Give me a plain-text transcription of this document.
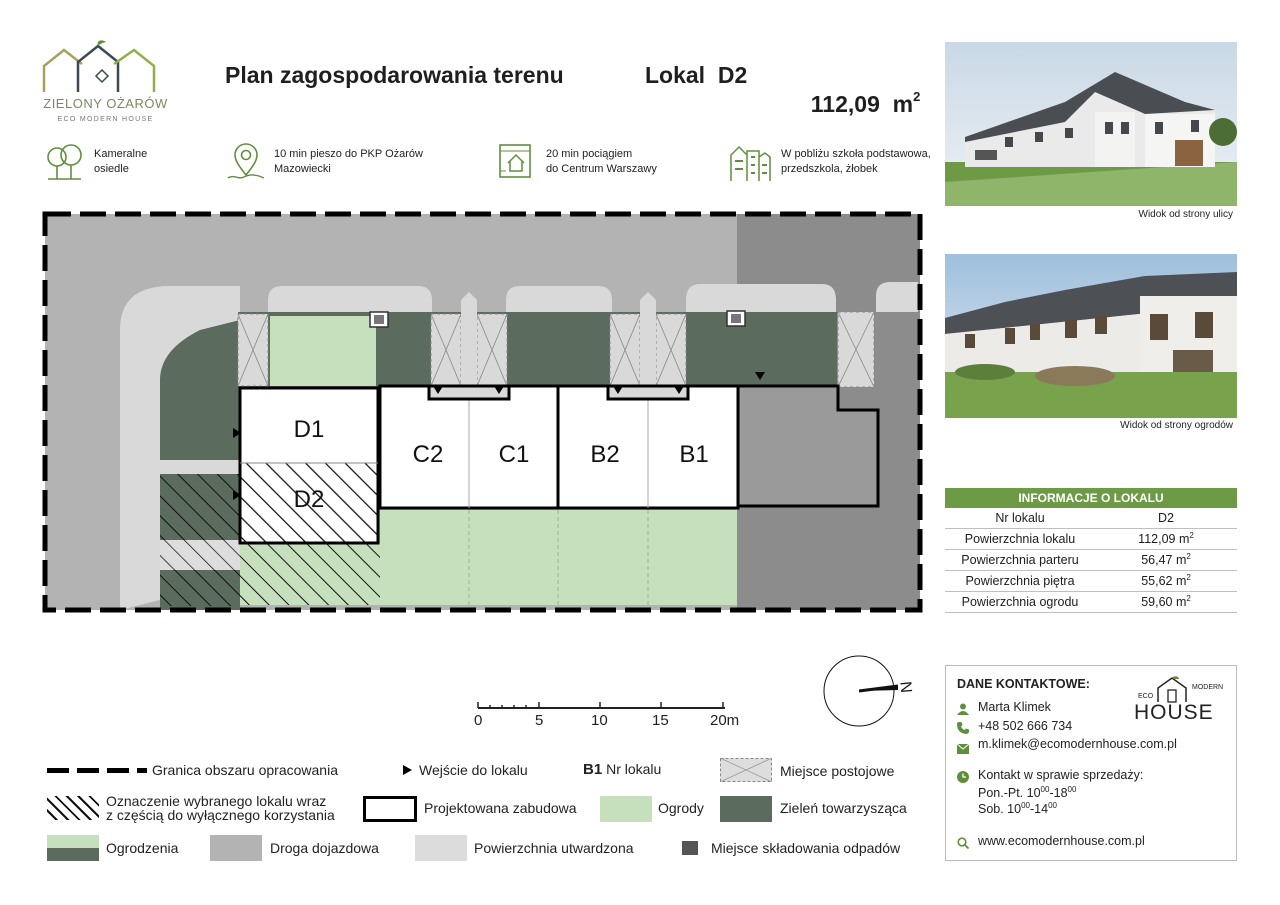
ZIELONY OŻARÓW
ECO MODERN HOUSE
Plan zagospodarowania terenu	Lokal  D2

112,09  $m^2$

Kameralne
osiedle
10 min pieszo do PKP Ożarów
Mazowiecki
20 min pociągiem
do Centrum Warszawy
W pobliżu szkoła podstawowa,
przedszkola, żłobek
Widok od strony ulicy
Widok od strony ogrodów
D1
D2
C2 C1	B2 B1
0	5	10	15	20m
N
INFORMACJE O LOKALU	
Nr lokalu	D2
Powierzchnia lokalu	112,09 $m^2$
Powierzchnia parteru	56,47 $m^2$
Powierzchnia piętra	55,62 $m^2$
Powierzchnia ogrodu	59,60 $m^2$
DANE KONTAKTOWE:
ECO
MODERN
HOUSE
Marta Klimek
+48 502 666 734
m.klimek@ecomodernhouse.com.pl
Kontakt w sprawie sprzedaży:
Pon.-Pt. $10^{00}-18^{00}$
Sob. $10^{00}-14^{00}$
www.ecomodernhouse.com.pl
Granica obszaru opracowania	Wejście do lokalu	B1 Nr lokalu	Miejsce postojowe
Oznaczenie wybranego lokalu wraz
z częścią do wyłącznego korzystania	Projektowana zabudowa	Ogrody	Zieleń towarzysząca
Ogrodzenia	Droga dojazdowa	Powierzchnia utwardzona	Miejsce składowania odpadów
